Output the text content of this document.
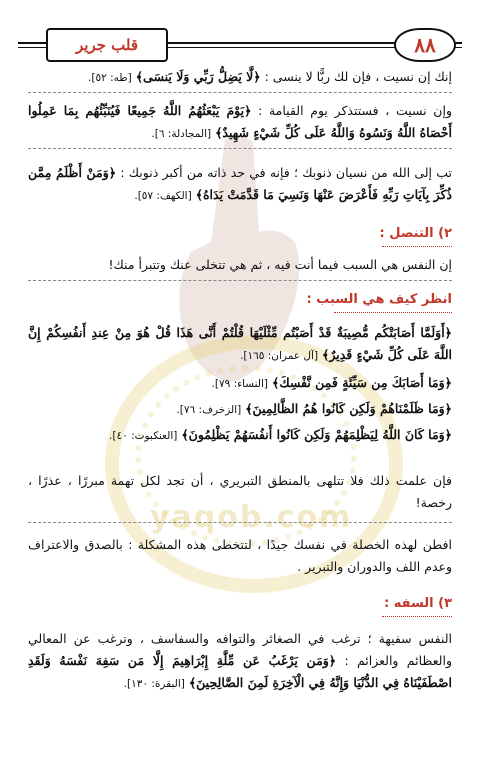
yaqob.com
قلب جرير	٨٨
إنك إن نسيت ، فإن لك ربًّا لا ينسى : ﴿لَّا يَضِلُّ رَبِّي وَلَا يَنسَى﴾ [طه: ٥٢].
وإن نسيت ، فستتذكر يوم القيامة : ﴿يَوْمَ يَبْعَثُهُمُ اللَّهُ جَمِيعًا فَيُنَبِّئُهُم بِمَا عَمِلُوا أَحْصَاهُ اللَّهُ وَنَسُوهُ وَاللَّهُ عَلَى كُلِّ شَيْءٍ شَهِيدٌ﴾ [المجادلة: ٦].
تب إلى الله من نسيان ذنوبك ؛ فإنه في حد ذاته من أكبر ذنوبك : ﴿وَمَنْ أَظْلَمُ مِمَّن ذُكِّرَ بِآيَاتِ رَبِّهِ فَأَعْرَضَ عَنْهَا وَنَسِيَ مَا قَدَّمَتْ يَدَاهُ﴾ [الكهف: ٥٧].
٢) التنصل :
إن النفس هي السبب فيما أنت فيه ، ثم هي تتخلى عنك وتتبرأ منك!
انظر كيف هي السبب :
﴿أَوَلَمَّا أَصَابَتْكُم مُّصِيبَةٌ قَدْ أَصَبْتُم مِّثْلَيْهَا قُلْتُمْ أَنَّى هَذَا قُلْ هُوَ مِنْ عِندِ أَنفُسِكُمْ إِنَّ اللَّهَ عَلَى كُلِّ شَيْءٍ قَدِيرٌ﴾ [آل عمران: ١٦٥].
﴿وَمَا أَصَابَكَ مِن سَيِّئَةٍ فَمِن نَّفْسِكَ﴾ [النساء: ٧٩].
﴿وَمَا ظَلَمْنَاهُمْ وَلَكِن كَانُوا هُمُ الظَّالِمِينَ﴾ [الزخرف: ٧٦].
﴿وَمَا كَانَ اللَّهُ لِيَظْلِمَهُمْ وَلَكِن كَانُوا أَنفُسَهُمْ يَظْلِمُونَ﴾ [العنكبوت: ٤٠].
فإن علمت ذلك فلا تتلهى بالمنطق التبريري ، أن تجد لكل تهمة مبررًا ، عذرًا ، رخصة!
افطن لهذه الخصلة في نفسك جيدًا ، لتتخطى هذه المشكلة : بالصدق والاعتراف وعدم اللف والدوران والتبرير .
٣) السفه :
النفس سفيهة ؛ ترغب في الصغائر والتوافه والسفاسف ، وترغب عن المعالي والعظائم والعزائم : ﴿وَمَن يَرْغَبُ عَن مِّلَّةِ إِبْرَاهِيمَ إِلَّا مَن سَفِهَ نَفْسَهُ وَلَقَدِ اصْطَفَيْنَاهُ فِي الدُّنْيَا وَإِنَّهُ فِي الْآخِرَةِ لَمِنَ الصَّالِحِينَ﴾ [البقرة: ١٣٠].
